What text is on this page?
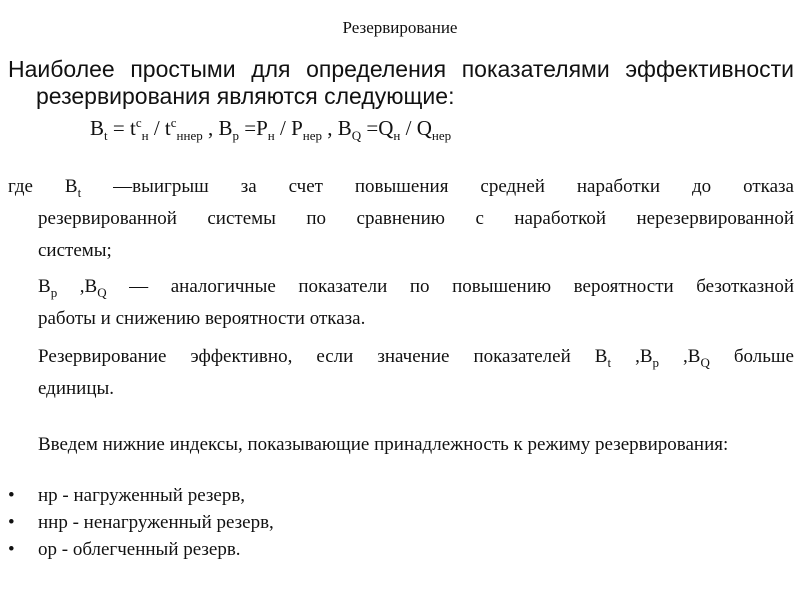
Резервирование
Наиболее простыми для определения показателями эффективности
резервирования являются следующие:
$B_t = t^c_н / t^c_{ннер}$ , $B_p =P_н / P_{нер}$ , $B_Q =Q_н / Q_{нер}$
где $B_t$ —выигрыш за счет повышения средней наработки до отказа
резервированной системы по сравнению с наработкой нерезервированной
системы;
$B_p$ $,B_Q$ — аналогичные показатели по повышению вероятности безотказной
работы и снижению вероятности отказа.
Резервирование эффективно, если значение показателей $B_t$ $,B_p$ $,B_Q$ больше
единицы.
Введем нижние индексы, показывающие принадлежность к режиму резервирования:
• нр - нагруженный резерв,
• ннр - ненагруженный резерв,
• ор - облегченный резерв.
